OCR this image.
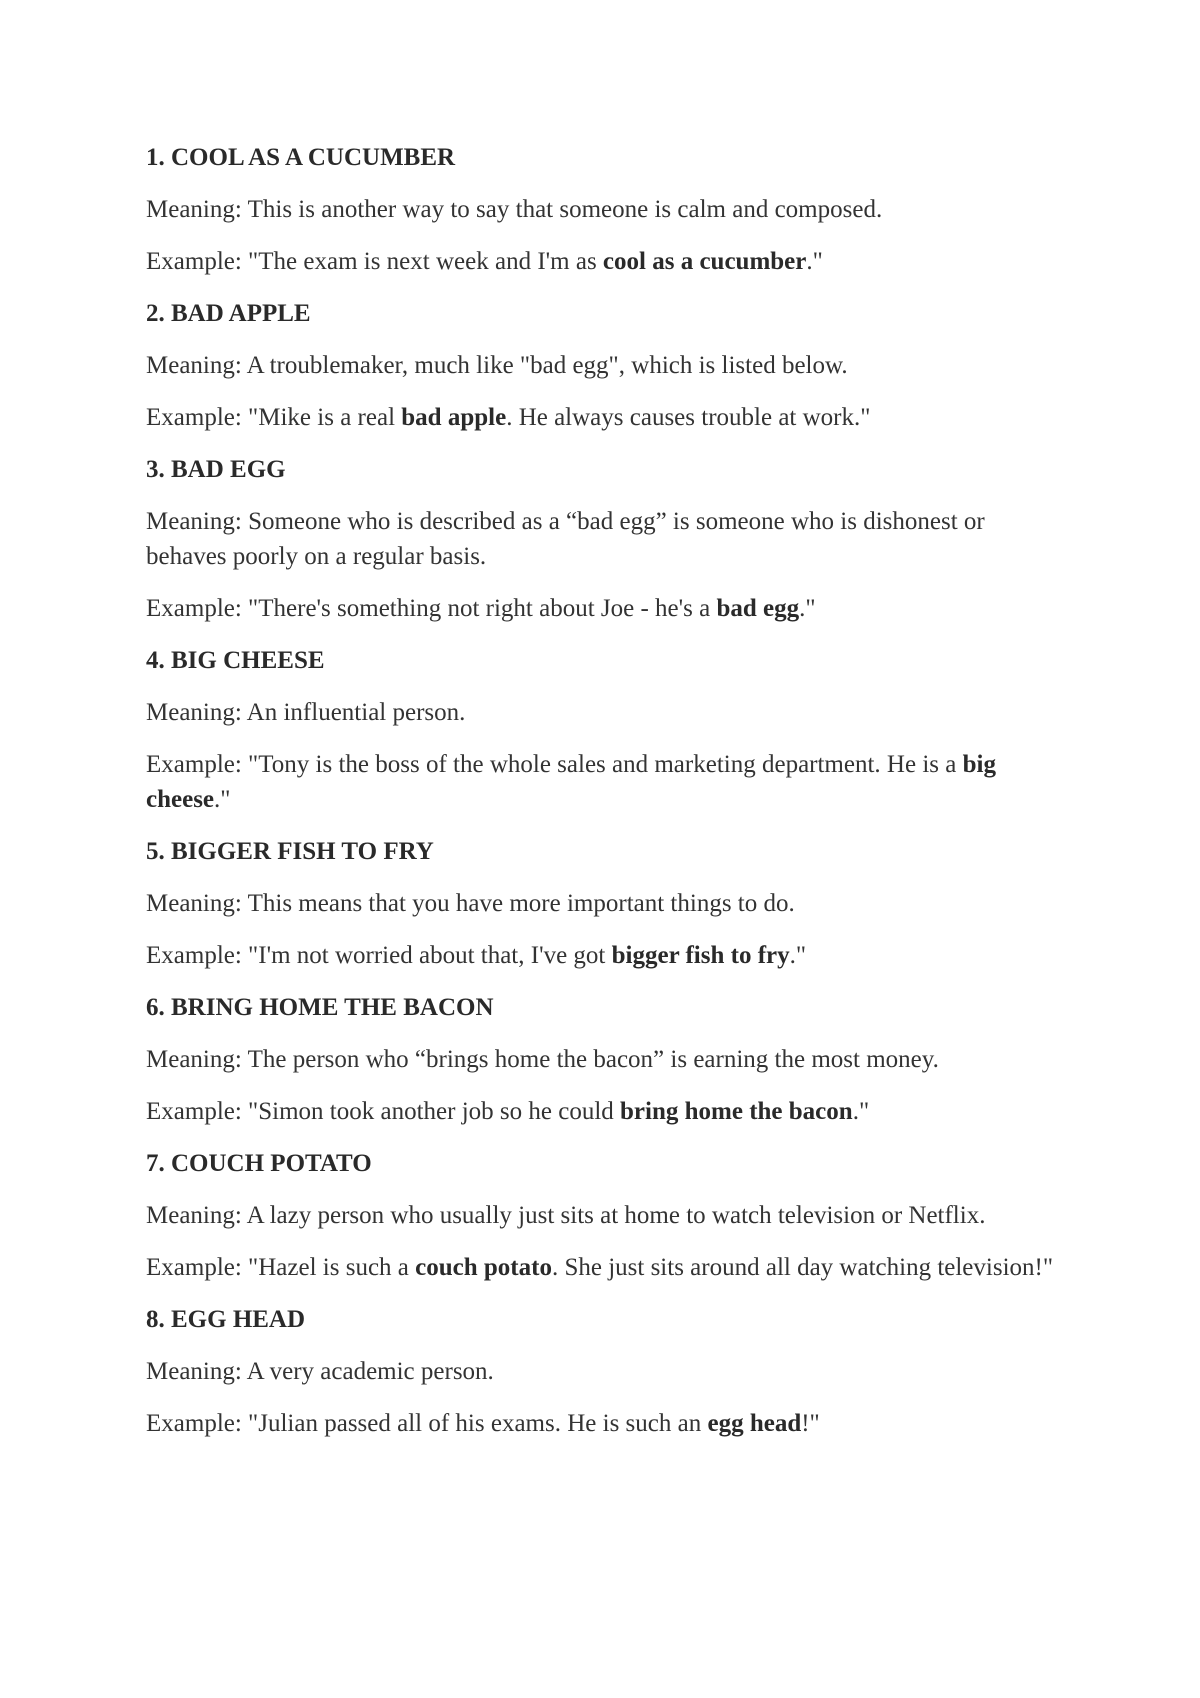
1. COOL AS A CUCUMBER

Meaning: This is another way to say that someone is calm and composed.

Example: "The exam is next week and I'm as cool as a cucumber."

2. BAD APPLE

Meaning: A troublemaker, much like "bad egg", which is listed below.

Example: "Mike is a real bad apple. He always causes trouble at work."

3. BAD EGG

Meaning: Someone who is described as a “bad egg” is someone who is dishonest or behaves poorly on a regular basis.

Example: "There's something not right about Joe - he's a bad egg."

4. BIG CHEESE

Meaning: An influential person.

Example: "Tony is the boss of the whole sales and marketing department. He is a big cheese."

5. BIGGER FISH TO FRY

Meaning: This means that you have more important things to do.

Example: "I'm not worried about that, I've got bigger fish to fry."

6. BRING HOME THE BACON

Meaning: The person who “brings home the bacon” is earning the most money.

Example: "Simon took another job so he could bring home the bacon."

7. COUCH POTATO

Meaning: A lazy person who usually just sits at home to watch television or Netflix.

Example: "Hazel is such a couch potato. She just sits around all day watching television!"

8. EGG HEAD

Meaning: A very academic person.

Example: "Julian passed all of his exams. He is such an egg head!"
